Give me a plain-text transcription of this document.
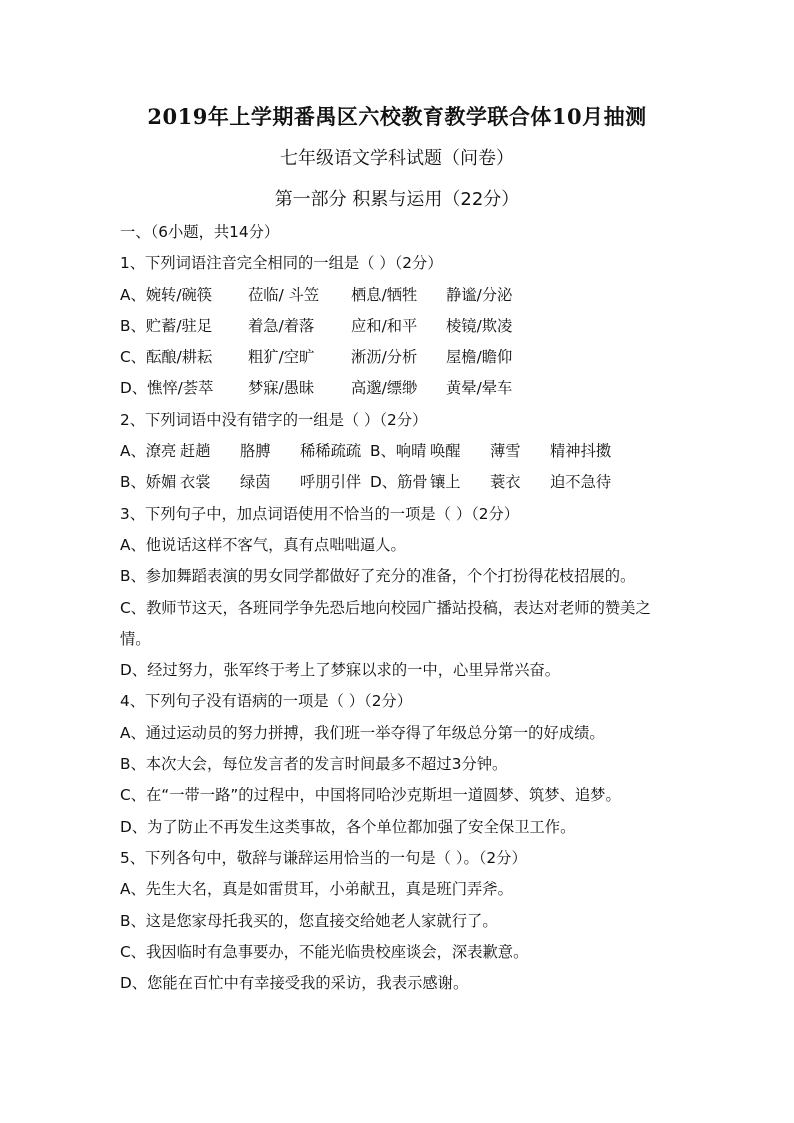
2019年上学期番禺区六校教育教学联合体10月抽测
七年级语文学科试题（问卷）
第一部分 积累与运用（22分）
一、（6小题，共14分）
1、下列词语注音完全相同的一组是（ ）（2分）
A、婉转/碗筷	莅临/ 斗笠	栖息/牺牲	静谧/分泌
B、贮蓄/驻足	着急/着落	应和/和平	棱镜/欺凌
C、酝酿/耕耘	粗犷/空旷	淅沥/分析	屋檐/瞻仰
D、憔悴/荟萃	梦寐/愚昧	高邈/缥缈	黄晕/晕车
2、下列词语中没有错字的一组是（ ）（2分）
A、潦亮 赶趟	胳膊	稀稀疏疏 B、响晴 唤醒	薄雪	精神抖擞
B、娇媚 衣裳	绿茵	呼朋引伴 D、筋骨 镶上	蓑衣	迫不急待
3、下列句子中，加点词语使用不恰当的一项是（ ）（2分）
A、他说话这样不客气，真有点咄咄逼人。
B、参加舞蹈表演的男女同学都做好了充分的准备，个个打扮得花枝招展的。
C、教师节这天，各班同学争先恐后地向校园广播站投稿，表达对老师的赞美之
情。
D、经过努力，张军终于考上了梦寐以求的一中，心里异常兴奋。
4、下列句子没有语病的一项是（ ）（2分）
A、通过运动员的努力拼搏，我们班一举夺得了年级总分第一的好成绩。
B、本次大会，每位发言者的发言时间最多不超过3分钟。
C、在“一带一路”的过程中，中国将同哈沙克斯坦一道圆梦、筑梦、追梦。
D、为了防止不再发生这类事故，各个单位都加强了安全保卫工作。
5、下列各句中，敬辞与谦辞运用恰当的一句是（ ）。（2分）
A、先生大名，真是如雷贯耳，小弟献丑，真是班门弄斧。
B、这是您家母托我买的，您直接交给她老人家就行了。
C、我因临时有急事要办，不能光临贵校座谈会，深表歉意。
D、您能在百忙中有幸接受我的采访，我表示感谢。
